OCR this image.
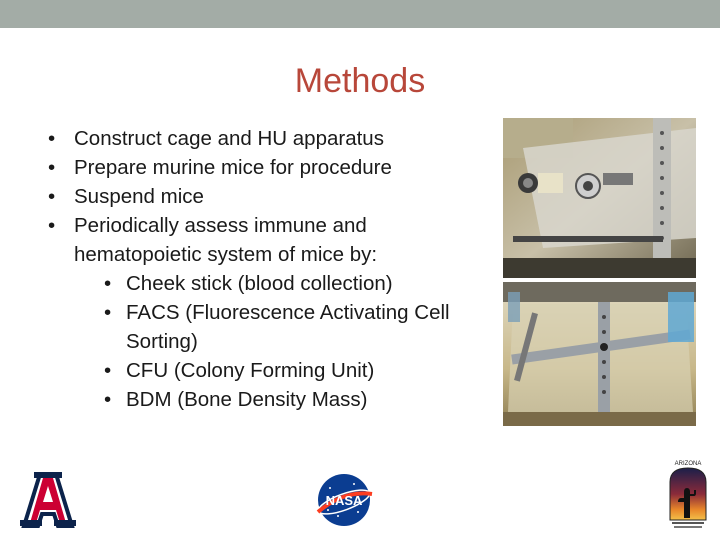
Methods
• Construct cage and HU apparatus
• Prepare murine mice for procedure
• Suspend mice
• Periodically assess immune and hematopoietic system of mice by:
• Cheek stick (blood collection)
• FACS (Fluorescence Activating Cell Sorting)
• CFU (Colony Forming Unit)
• BDM (Bone Density Mass)
NASA
ARIZONA
